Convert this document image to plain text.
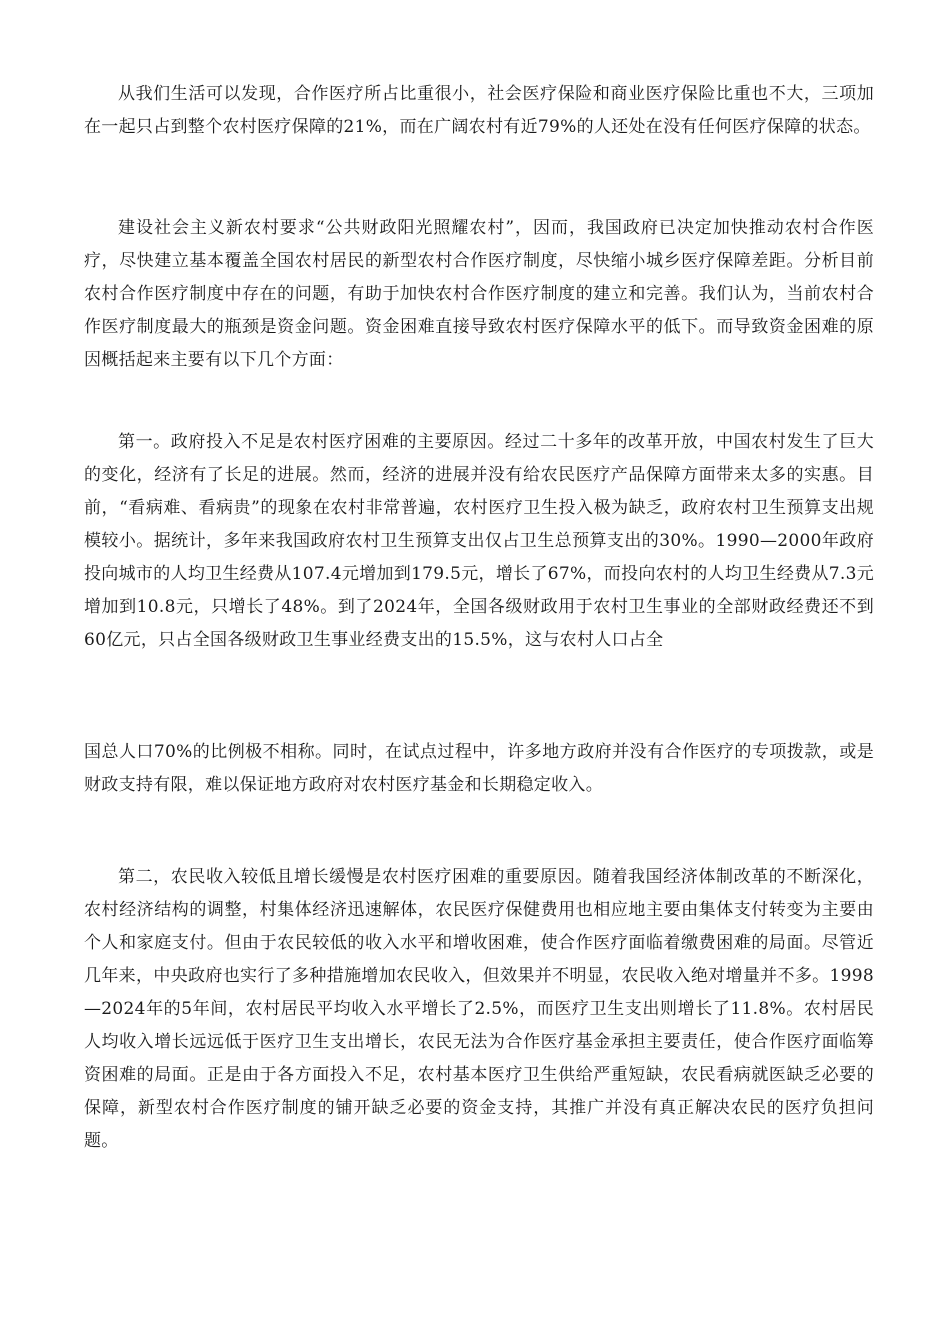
从我们生活可以发现，合作医疗所占比重很小，社会医疗保险和商业医疗保险比重也不大，三项加在一起只占到整个农村医疗保障的21%，而在广阔农村有近79%的人还处在没有任何医疗保障的状态。

建设社会主义新农村要求“公共财政阳光照耀农村”，因而，我国政府已决定加快推动农村合作医疗，尽快建立基本覆盖全国农村居民的新型农村合作医疗制度，尽快缩小城乡医疗保障差距。分析目前农村合作医疗制度中存在的问题，有助于加快农村合作医疗制度的建立和完善。我们认为，当前农村合作医疗制度最大的瓶颈是资金问题。资金困难直接导致农村医疗保障水平的低下。而导致资金困难的原因概括起来主要有以下几个方面：

第一。政府投入不足是农村医疗困难的主要原因。经过二十多年的改革开放，中国农村发生了巨大的变化，经济有了长足的进展。然而，经济的进展并没有给农民医疗产品保障方面带来太多的实惠。目前，“看病难、看病贵”的现象在农村非常普遍，农村医疗卫生投入极为缺乏，政府农村卫生预算支出规模较小。据统计，多年来我国政府农村卫生预算支出仅占卫生总预算支出的30%。1990—2000年政府投向城市的人均卫生经费从107.4元增加到179.5元，增长了67%，而投向农村的人均卫生经费从7.3元增加到10.8元，只增长了48%。到了2024年，全国各级财政用于农村卫生事业的全部财政经费还不到60亿元，只占全国各级财政卫生事业经费支出的15.5%，这与农村人口占全

国总人口70%的比例极不相称。同时，在试点过程中，许多地方政府并没有合作医疗的专项拨款，或是财政支持有限，难以保证地方政府对农村医疗基金和长期稳定收入。

第二，农民收入较低且增长缓慢是农村医疗困难的重要原因。随着我国经济体制改革的不断深化，农村经济结构的调整，村集体经济迅速解体，农民医疗保健费用也相应地主要由集体支付转变为主要由个人和家庭支付。但由于农民较低的收入水平和增收困难，使合作医疗面临着缴费困难的局面。尽管近几年来，中央政府也实行了多种措施增加农民收入，但效果并不明显，农民收入绝对增量并不多。1998—2024年的5年间，农村居民平均收入水平增长了2.5%，而医疗卫生支出则增长了11.8%。农村居民人均收入增长远远低于医疗卫生支出增长，农民无法为合作医疗基金承担主要责任，使合作医疗面临筹资困难的局面。正是由于各方面投入不足，农村基本医疗卫生供给严重短缺，农民看病就医缺乏必要的保障，新型农村合作医疗制度的铺开缺乏必要的资金支持，其推广并没有真正解决农民的医疗负担问题。
